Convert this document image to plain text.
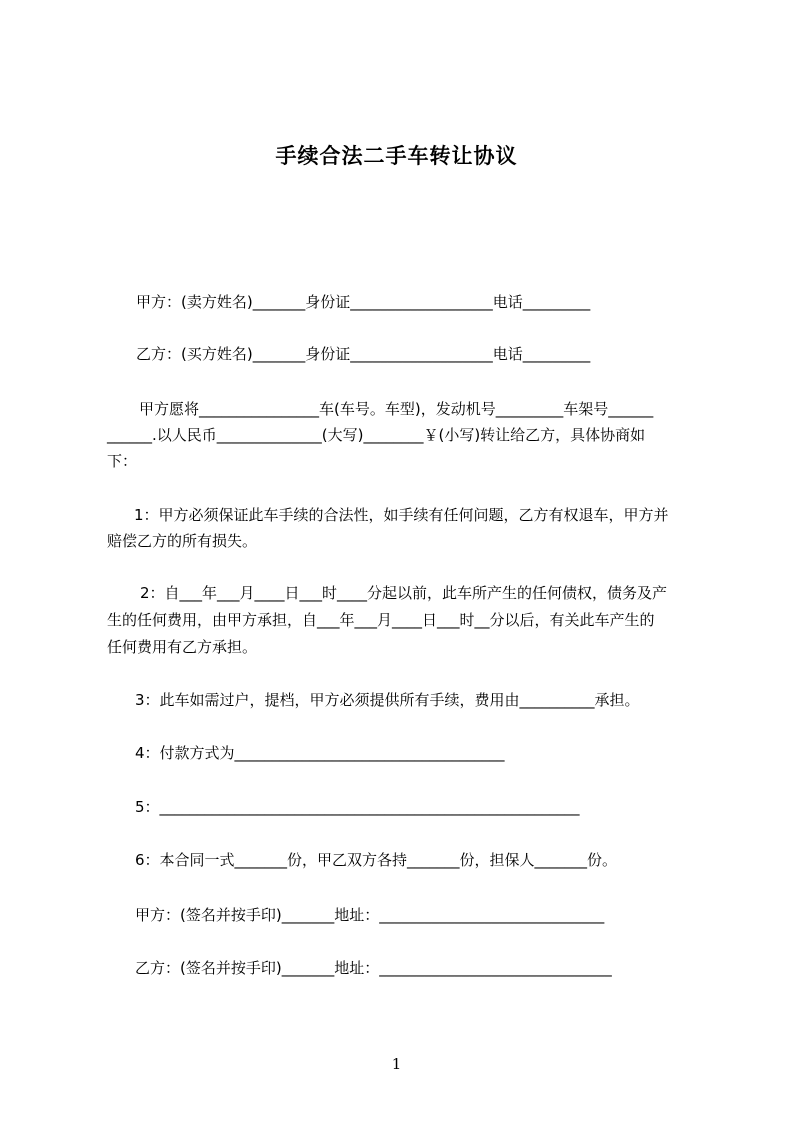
手续合法二手车转让协议
甲方：(卖方姓名)_______身份证___________________电话_________
乙方：(买方姓名)_______身份证___________________电话_________
甲方愿将________________车(车号。车型)，发动机号_________车架号______
______.以人民币______________(大写)________￥(小写)转让给乙方，具体协商如
下：
1：甲方必须保证此车手续的合法性，如手续有任何问题，乙方有权退车，甲方并
赔偿乙方的所有损失。
2：自___年___月____日___时____分起以前，此车所产生的任何债权，债务及产
生的任何费用，由甲方承担，自___年___月____日___时__分以后，有关此车产生的
任何费用有乙方承担。
3：此车如需过户，提档，甲方必须提供所有手续，费用由__________承担。
4：付款方式为____________________________________
5：________________________________________________________
6：本合同一式_______份，甲乙双方各持_______份，担保人_______份。
甲方：(签名并按手印)_______地址：______________________________
乙方：(签名并按手印)_______地址：_______________________________
1
